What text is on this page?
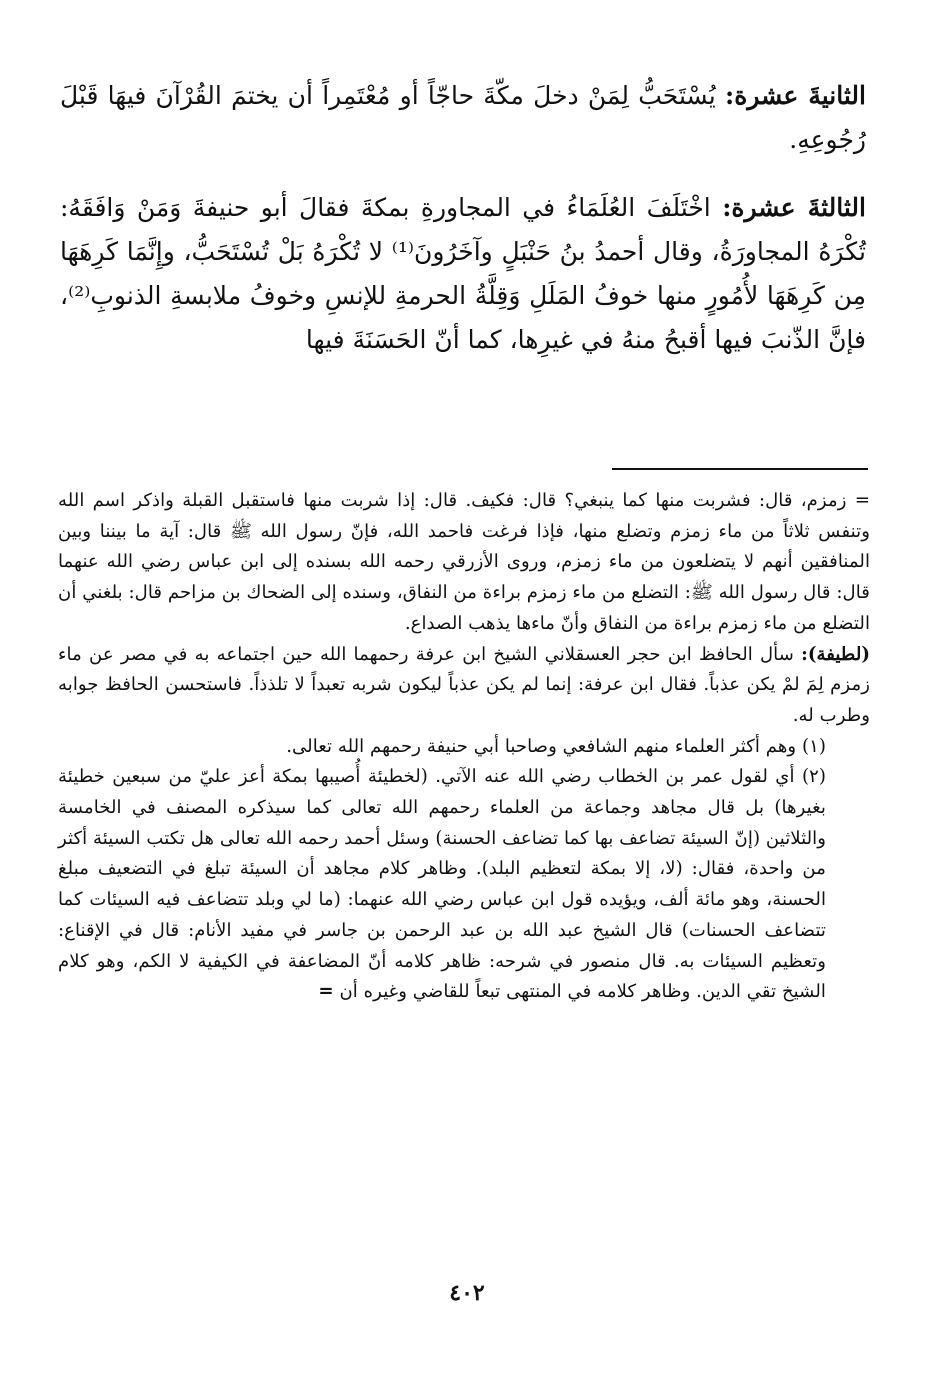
الثانيةَ عشرة: يُسْتَحَبُّ لِمَنْ دخلَ مكّةَ حاجّاً أو مُعْتَمِراً أن يختمَ القُرْآنَ فيهَا قَبْلَ رُجُوعِهِ.

الثالثةَ عشرة: اخْتَلَفَ العُلَمَاءُ في المجاورةِ بمكةَ فقالَ أبو حنيفةَ وَمَنْ وَافَقَهُ: تُكْرَهُ المجاورَةُ، وقال أحمدُ بنُ حَنْبَلٍ وآخَرُونَ⁽¹⁾ لا تُكْرَهُ بَلْ تُسْتَحَبُّ، وإِنَّمَا كَرِهَهَا مِن كَرِهَهَا لأُمُورٍ منها خوفُ المَلَلِ وَقِلَّةُ الحرمةِ للإنسِ وخوفُ ملابسةِ الذنوبِ⁽²⁾، فإنَّ الذّنبَ فيها أقبحُ منهُ في غيرِها، كما أنّ الحَسَنَةَ فيها

= زمزم، قال: فشربت منها كما ينبغي؟ قال: فكيف. قال: إذا شربت منها فاستقبل القبلة واذكر اسم الله وتنفس ثلاثاً من ماء زمزم وتضلع منها، فإذا فرغت فاحمد الله، فإنّ رسول الله ﷺ قال: آية ما بيننا وبين المنافقين أنهم لا يتضلعون من ماء زمزم، وروى الأزرقي رحمه الله بسنده إلى ابن عباس رضي الله عنهما قال: قال رسول الله ﷺ: التضلع من ماء زمزم براءة من النفاق، وسنده إلى الضحاك بن مزاحم قال: بلغني أن التضلع من ماء زمزم براءة من النفاق وأنّ ماءها يذهب الصداع.

(لطيفة): سأل الحافظ ابن حجر العسقلاني الشيخ ابن عرفة رحمهما الله حين اجتماعه به في مصر عن ماء زمزم لِمَ لمْ يكن عذباً. فقال ابن عرفة: إنما لم يكن عذباً ليكون شربه تعبداً لا تلذذاً. فاستحسن الحافظ جوابه وطرب له.

(١) وهم أكثر العلماء منهم الشافعي وصاحبا أبي حنيفة رحمهم الله تعالى.

(٢) أي لقول عمر بن الخطاب رضي الله عنه الآتي. (لخطيئة أُصيبها بمكة أعز عليّ من سبعين خطيئة بغيرها) بل قال مجاهد وجماعة من العلماء رحمهم الله تعالى كما سيذكره المصنف في الخامسة والثلاثين (إنّ السيئة تضاعف بها كما تضاعف الحسنة) وسئل أحمد رحمه الله تعالى هل تكتب السيئة أكثر من واحدة، فقال: (لا، إلا بمكة لتعظيم البلد). وظاهر كلام مجاهد أن السيئة تبلغ في التضعيف مبلغ الحسنة، وهو مائة ألف، ويؤيده قول ابن عباس رضي الله عنهما: (ما لي وبلد تتضاعف فيه السيئات كما تتضاعف الحسنات) قال الشيخ عبد الله بن عبد الرحمن بن جاسر في مفيد الأنام: قال في الإقناع: وتعظيم السيئات به. قال منصور في شرحه: ظاهر كلامه أنّ المضاعفة في الكيفية لا الكم، وهو كلام الشيخ تقي الدين. وظاهر كلامه في المنتهى تبعاً للقاضي وغيره أن =

٤٠٢
